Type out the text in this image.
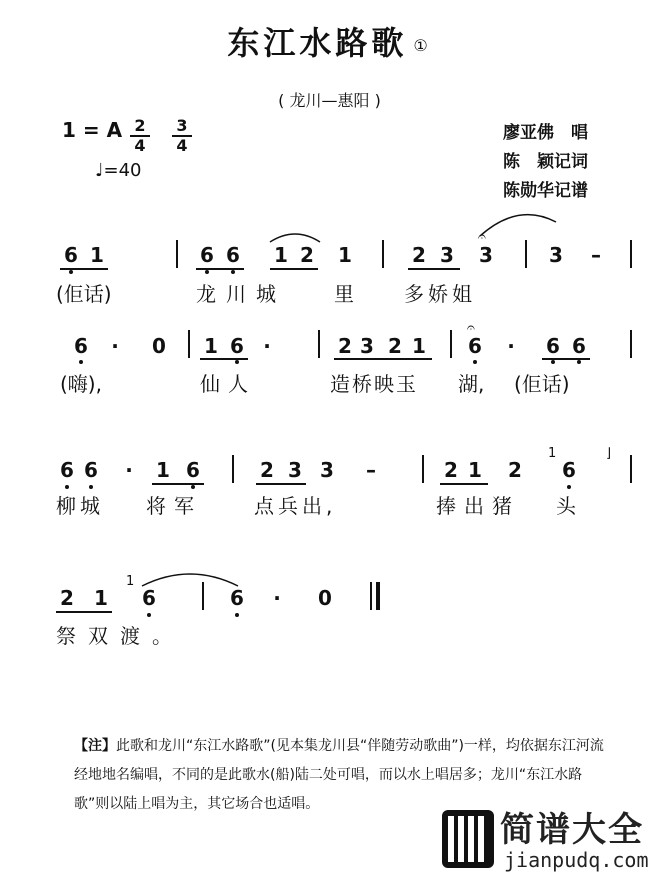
东江水路歌 ①
( 龙川—惠阳 )
1 = A $\frac{2}{4} \frac{3}{4}$
♩=40
廖亚佛　唱
陈　颖记词
陈勋华记谱
6 1	6 6 1 2 1	2 3 3
𝄐
3	–
(佢话)	龙川城 里	多娇姐
6	·	0 1 6 ·	2 3 2 1 6
𝄐
·	6 6
(嗨),	仙人	造桥映玉 湖, (佢话)
6 6	·	1 6	2 3 3	–	2 1 2 6
1	⌋
柳城 将军	点兵出,	捧出猪 头
2 1 6
1
6	·	0
祭双渡。
【注】此歌和龙川“东江水路歌”(见本集龙川县“伴随劳动歌曲”)一样，均依据东江河流经地地名编唱，不同的是此歌水(船)陆二处可唱，而以水上唱居多；龙川“东江水路歌”则以陆上唱为主，其它场合也适唱。
简谱大全
jianpudq.com
